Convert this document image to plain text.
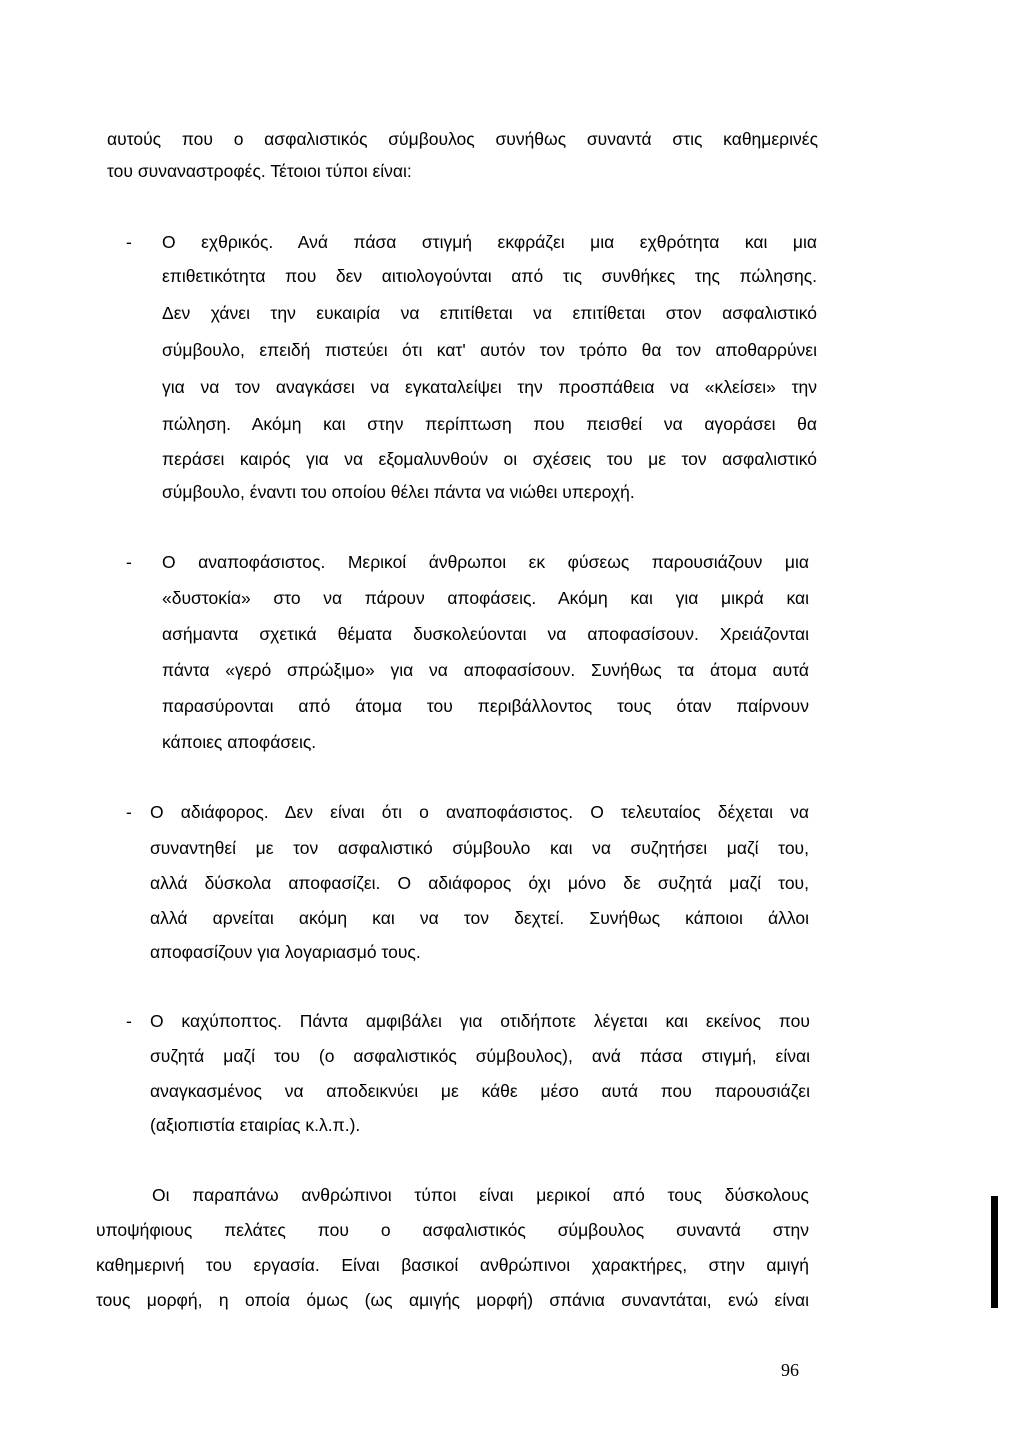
αυτούς που ο ασφαλιστικός σύμβουλος συνήθως συναντά στις καθημερινές
του συναναστροφές. Τέτοιοι τύποι είναι:
- Ο εχθρικός. Ανά πάσα στιγμή εκφράζει μια εχθρότητα και μια
επιθετικότητα που δεν αιτιολογούνται από τις συνθήκες της πώλησης.
Δεν χάνει την ευκαιρία να επιτίθεται να επιτίθεται στον ασφαλιστικό
σύμβουλο, επειδή πιστεύει ότι κατ' αυτόν τον τρόπο θα τον αποθαρρύνει
για να τον αναγκάσει να εγκαταλείψει την προσπάθεια να «κλείσει» την
πώληση. Ακόμη και στην περίπτωση που πεισθεί να αγοράσει θα
περάσει καιρός για να εξομαλυνθούν οι σχέσεις του με τον ασφαλιστικό
σύμβουλο, έναντι του οποίου θέλει πάντα να νιώθει υπεροχή.
- Ο αναποφάσιστος. Μερικοί άνθρωποι εκ φύσεως παρουσιάζουν μια
«δυστοκία» στο να πάρουν αποφάσεις. Ακόμη και για μικρά και
ασήμαντα σχετικά θέματα δυσκολεύονται να αποφασίσουν. Χρειάζονται
πάντα «γερό σπρώξιμο» για να αποφασίσουν. Συνήθως τα άτομα αυτά
παρασύρονται από άτομα του περιβάλλοντος τους όταν παίρνουν
κάποιες αποφάσεις.
- Ο αδιάφορος. Δεν είναι ότι ο αναποφάσιστος. Ο τελευταίος δέχεται να
συναντηθεί με τον ασφαλιστικό σύμβουλο και να συζητήσει μαζί του,
αλλά δύσκολα αποφασίζει. Ο αδιάφορος όχι μόνο δε συζητά μαζί του,
αλλά αρνείται ακόμη και να τον δεχτεί. Συνήθως κάποιοι άλλοι
αποφασίζουν για λογαριασμό τους.
- Ο καχύποπτος. Πάντα αμφιβάλει για οτιδήποτε λέγεται και εκείνος που
συζητά μαζί του (ο ασφαλιστικός σύμβουλος), ανά πάσα στιγμή, είναι
αναγκασμένος να αποδεικνύει με κάθε μέσο αυτά που παρουσιάζει
(αξιοπιστία εταιρίας κ.λ.π.).
Οι παραπάνω ανθρώπινοι τύποι είναι μερικοί από τους δύσκολους
υποψήφιους πελάτες που ο ασφαλιστικός σύμβουλος συναντά στην
καθημερινή του εργασία. Είναι βασικοί ανθρώπινοι χαρακτήρες, στην αμιγή
τους μορφή, η οποία όμως (ως αμιγής μορφή) σπάνια συναντάται, ενώ είναι
96
